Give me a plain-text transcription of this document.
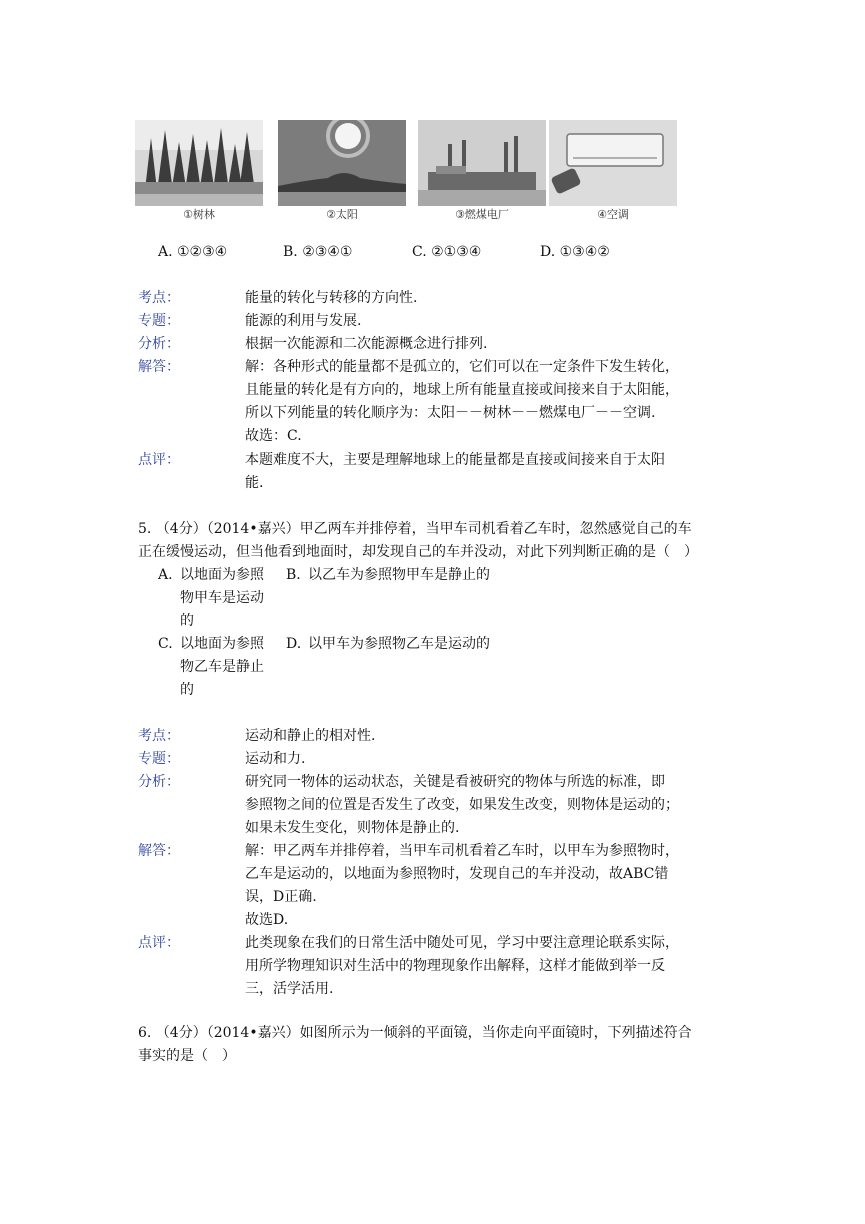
①树林	②太阳	③燃煤电厂	④空调
A. ①②③④	B. ②③④①	C. ②①③④	D. ①③④②
考点：	能量的转化与转移的方向性.
专题：	能源的利用与发展.
分析：	根据一次能源和二次能源概念进行排列.
解答：	解：各种形式的能量都不是孤立的，它们可以在一定条件下发生转化，
且能量的转化是有方向的，地球上所有能量直接或间接来自于太阳能，
所以下列能量的转化顺序为：太阳－－树林－－燃煤电厂－－空调.
故选：C.
点评：	本题难度不大，主要是理解地球上的能量都是直接或间接来自于太阳
能.
5. （4分）（2014•嘉兴）甲乙两车并排停着，当甲车司机看着乙车时，忽然感觉自己的车
正在缓慢运动，但当他看到地面时，却发现自己的车并没动，对此下列判断正确的是（　）
A. 以地面为参照
物甲车是运动
的
B. 以乙车为参照物甲车是静止的
C. 以地面为参照
物乙车是静止
的
D. 以甲车为参照物乙车是运动的
考点：	运动和静止的相对性.
专题：	运动和力.
分析：	研究同一物体的运动状态，关键是看被研究的物体与所选的标准，即
参照物之间的位置是否发生了改变，如果发生改变，则物体是运动的；
如果未发生变化，则物体是静止的.
解答：	解：甲乙两车并排停着，当甲车司机看着乙车时，以甲车为参照物时，
乙车是运动的，以地面为参照物时，发现自己的车并没动，故ABC错
误，D正确.
故选D.
点评：	此类现象在我们的日常生活中随处可见，学习中要注意理论联系实际，
用所学物理知识对生活中的物理现象作出解释，这样才能做到举一反
三，活学活用.
6. （4分）（2014•嘉兴）如图所示为一倾斜的平面镜，当你走向平面镜时，下列描述符合
事实的是（　）
